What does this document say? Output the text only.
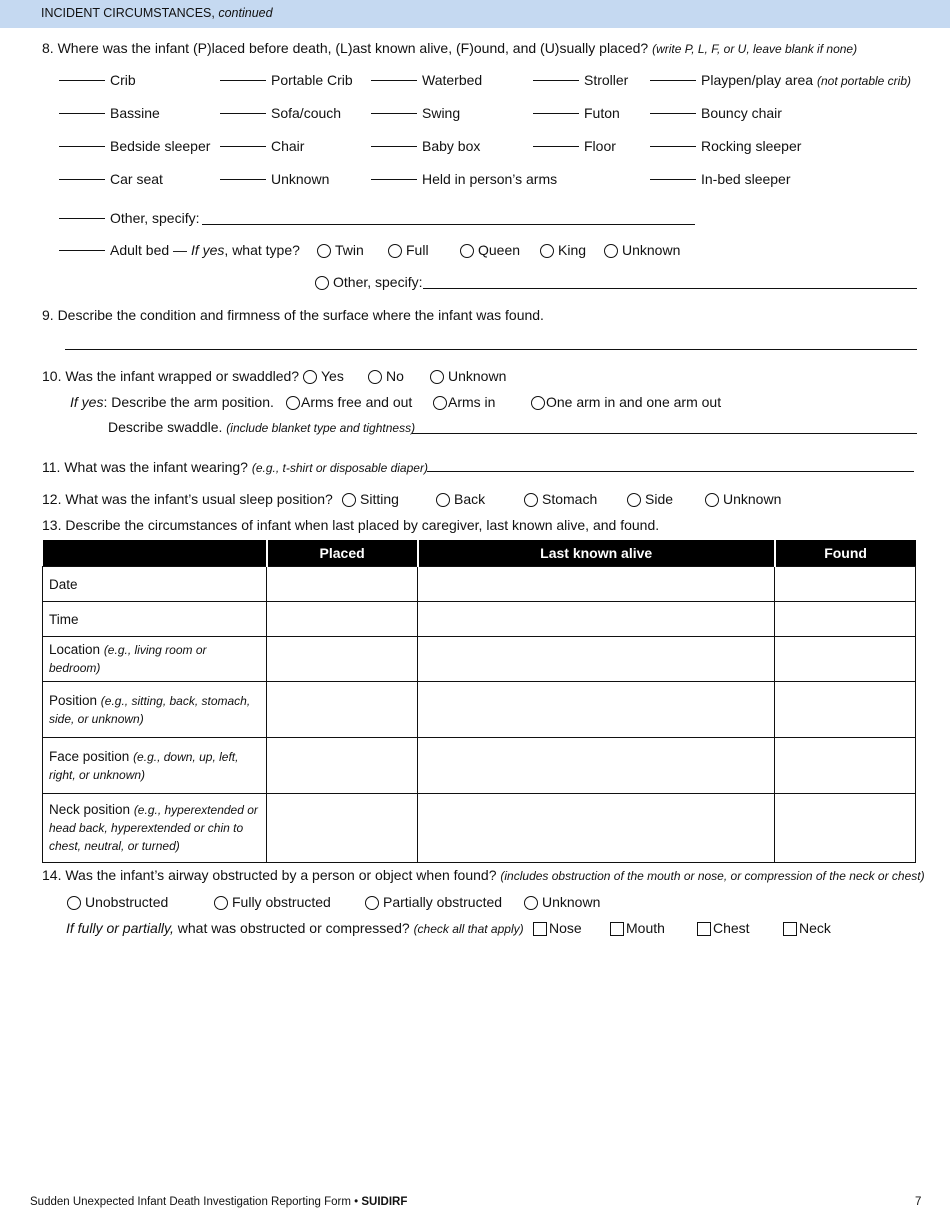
INCIDENT CIRCUMSTANCES, continued
8. Where was the infant (P)laced before death, (L)ast known alive, (F)ound, and (U)sually placed? (write P, L, F, or U, leave blank if none)
Crib	Portable Crib	Waterbed	Stroller	Playpen/play area (not portable crib)
Bassine	Sofa/couch	Swing	Futon	Bouncy chair
Bedside sleeper	Chair	Baby box	Floor	Rocking sleeper
Car seat	Unknown	Held in person’s arms	In-bed sleeper
Other, specify:
Adult bed — If yes, what type?	Twin	Full	Queen	King	Unknown
Other, specify:
9. Describe the condition and firmness of the surface where the infant was found.
10. Was the infant wrapped or swaddled?	Yes	No	Unknown
If yes: Describe the arm position.	Arms free and out	Arms in	One arm in and one arm out
Describe swaddle. (include blanket type and tightness)
11. What was the infant wearing? (e.g., t-shirt or disposable diaper)
12. What was the infant’s usual sleep position?	Sitting	Back	Stomach	Side	Unknown
13. Describe the circumstances of infant when last placed by caregiver, last known alive, and found.
	Placed	Last known alive	Found
Date			
Time			
Location (e.g., living room or bedroom)			
Position (e.g., sitting, back, stomach, side, or unknown)			
Face position (e.g., down, up, left, right, or unknown)			
Neck position (e.g., hyperextended or head back, hyperextended or chin to chest, neutral, or turned)			
14. Was the infant’s airway obstructed by a person or object when found? (includes obstruction of the mouth or nose, or compression of the neck or chest)
Unobstructed	Fully obstructed	Partially obstructed	Unknown
If fully or partially, what was obstructed or compressed? (check all that apply)	Nose	Mouth	Chest	Neck
Sudden Unexpected Infant Death Investigation Reporting Form • SUIDIRF	7
